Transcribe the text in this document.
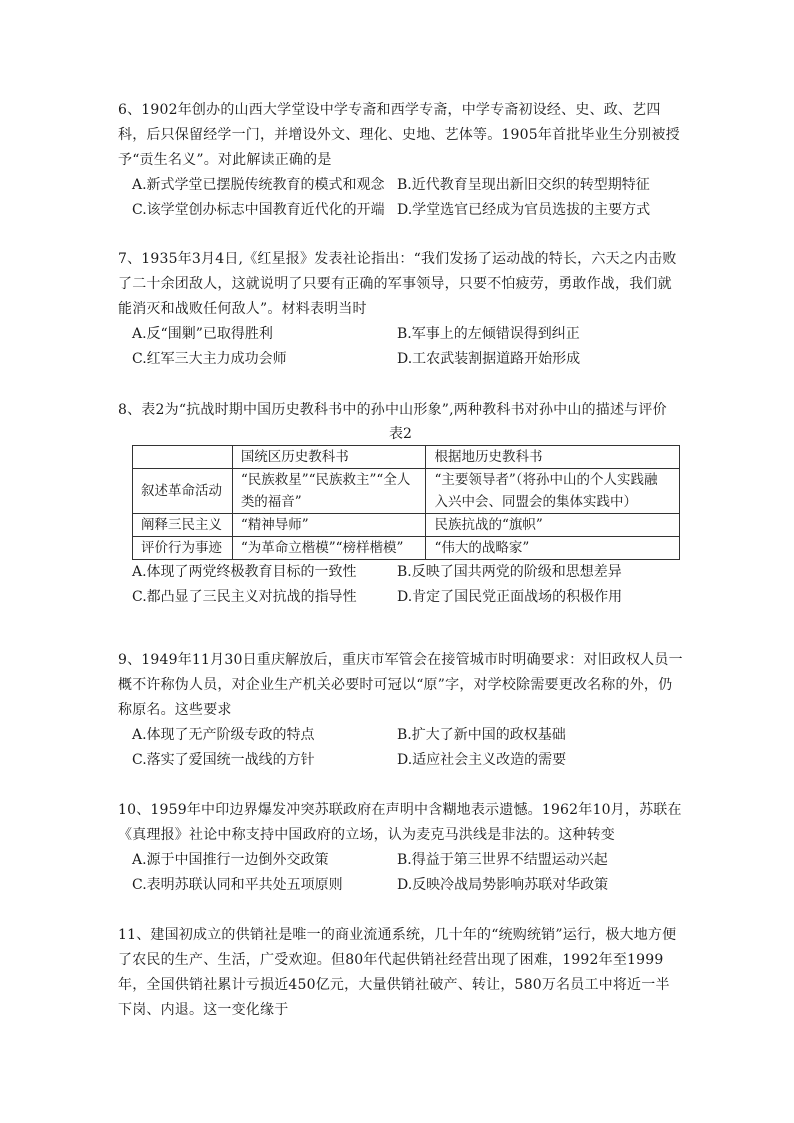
6、1902年创办的山西大学堂设中学专斋和西学专斋，中学专斋初设经、史、政、艺四科，后只保留经学一门，并增设外文、理化、史地、艺体等。1905年首批毕业生分别被授予“贡生名义”。对此解读正确的是

A.新式学堂已摆脱传统教育的模式和观念 B.近代教育呈现出新旧交织的转型期特征
C.该学堂创办标志中国教育近代化的开端 D.学堂选官已经成为官员选拔的主要方式

7、1935年3月4日,《红星报》发表社论指出：“我们发扬了运动战的特长，六天之内击败了二十余团敌人，这就说明了只要有正确的军事领导，只要不怕疲劳，勇敢作战，我们就能消灭和战败任何敌人”。材料表明当时

A.反“围剿”已取得胜利	B.军事上的左倾错误得到纠正
C.红军三大主力成功会师	D.工农武装割据道路开始形成

8、表2为“抗战时期中国历史教科书中的孙中山形象”,两种教科书对孙中山的描述与评价

表2
	国统区历史教科书	根据地历史教科书
叙述革命活动	“民族救星”“民族救主”“全人类的福音”	“主要领导者”（将孙中山的个人实践融入兴中会、同盟会的集体实践中）
阐释三民主义	“精神导师”	民族抗战的“旗帜”
评价行为事迹	“为革命立楷模”“榜样楷模”	“伟大的战略家”
A.体现了两党终极教育目标的一致性	B.反映了国共两党的阶级和思想差异
C.都凸显了三民主义对抗战的指导性	D.肯定了国民党正面战场的积极作用

9、1949年11月30日重庆解放后，重庆市军管会在接管城市时明确要求：对旧政权人员一概不许称伪人员，对企业生产机关必要时可冠以“原”字，对学校除需要更改名称的外，仍称原名。这些要求

A.体现了无产阶级专政的特点	B.扩大了新中国的政权基础
C.落实了爱国统一战线的方针	D.适应社会主义改造的需要

10、1959年中印边界爆发冲突苏联政府在声明中含糊地表示遗憾。1962年10月，苏联在《真理报》社论中称支持中国政府的立场，认为麦克马洪线是非法的。这种转变

A.源于中国推行一边倒外交政策	B.得益于第三世界不结盟运动兴起
C.表明苏联认同和平共处五项原则	D.反映冷战局势影响苏联对华政策

11、建国初成立的供销社是唯一的商业流通系统，几十年的“统购统销”运行，极大地方便了农民的生产、生活，广受欢迎。但80年代起供销社经营出现了困难，1992年至1999年，全国供销社累计亏损近450亿元，大量供销社破产、转让，580万名员工中将近一半下岗、内退。这一变化缘于
